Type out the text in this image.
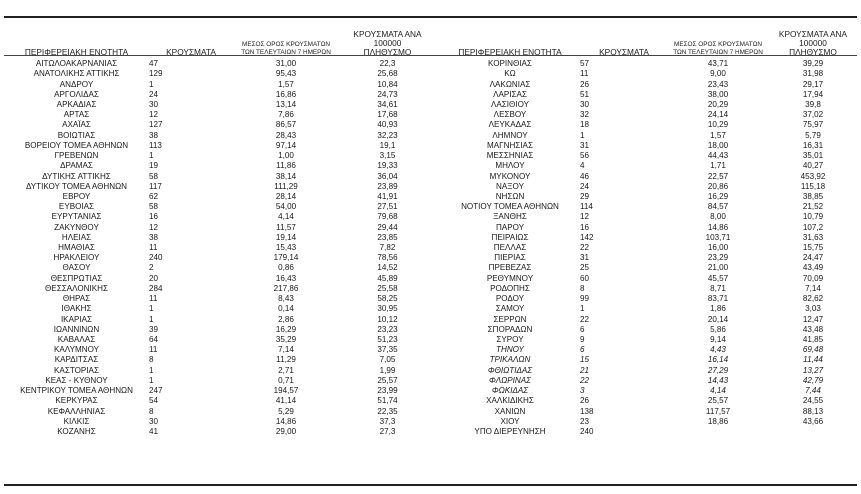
ΠΕΡΙΦΕΡΕΙΑΚΗ ΕΝΟΤΗΤΑ	ΚΡΟΥΣΜΑΤΑ	ΜΕΣΟΣ ΟΡΟΣ ΚΡΟΥΣΜΑΤΩΝ
ΤΩΝ ΤΕΛΕΥΤΑΙΩΝ 7 ΗΜΕΡΩΝ	ΚΡΟΥΣΜΑΤΑ ΑΝΑ 100000
ΠΛΗΘΥΣΜΟ

ΑΙΤΩΛΟΑΚΑΡΝΑΝΙΑΣ	47	31,00	22,3
ΑΝΑΤΟΛΙΚΗΣ ΑΤΤΙΚΗΣ	129	95,43	25,68
ΑΝΔΡΟΥ	1	1,57	10,84
ΑΡΓΟΛΙΔΑΣ	24	16,86	24,73
ΑΡΚΑΔΙΑΣ	30	13,14	34,61
ΑΡΤΑΣ	12	7,86	17,68
ΑΧΑΪΑΣ	127	86,57	40,93
ΒΟΙΩΤΙΑΣ	38	28,43	32,23
ΒΟΡΕΙΟΥ ΤΟΜΕΑ ΑΘΗΝΩΝ	113	97,14	19,1
ΓΡΕΒΕΝΩΝ	1	1,00	3,15
ΔΡΑΜΑΣ	19	11,86	19,33
ΔΥΤΙΚΗΣ ΑΤΤΙΚΗΣ	58	38,14	36,04
ΔΥΤΙΚΟΥ ΤΟΜΕΑ ΑΘΗΝΩΝ	117	111,29	23,89
ΕΒΡΟΥ	62	28,14	41,91
ΕΥΒΟΙΑΣ	58	54,00	27,51
ΕΥΡΥΤΑΝΙΑΣ	16	4,14	79,68
ΖΑΚΥΝΘΟΥ	12	11,57	29,44
ΗΛΕΙΑΣ	38	19,14	23,85
ΗΜΑΘΙΑΣ	11	15,43	7,82
ΗΡΑΚΛΕΙΟΥ	240	179,14	78,56
ΘΑΣΟΥ	2	0,86	14,52
ΘΕΣΠΡΩΤΙΑΣ	20	16,43	45,89
ΘΕΣΣΑΛΟΝΙΚΗΣ	284	217,86	25,58
ΘΗΡΑΣ	11	8,43	58,25
ΙΘΑΚΗΣ	1	0,14	30,95
ΙΚΑΡΙΑΣ	1	2,86	10,12
ΙΩΑΝΝΙΝΩΝ	39	16,29	23,23
ΚΑΒΑΛΑΣ	64	35,29	51,23
ΚΑΛΥΜΝΟΥ	11	7,14	37,35
ΚΑΡΔΙΤΣΑΣ	8	11,29	7,05
ΚΑΣΤΟΡΙΑΣ	1	2,71	1,99
ΚΕΑΣ - ΚΥΘΝΟΥ	1	0,71	25,57
ΚΕΝΤΡΙΚΟΥ ΤΟΜΕΑ ΑΘΗΝΩΝ	247	194,57	23,99
ΚΕΡΚΥΡΑΣ	54	41,14	51,74
ΚΕΦΑΛΛΗΝΙΑΣ	8	5,29	22,35
ΚΙΛΚΙΣ	30	14,86	37,3
ΚΟΖΑΝΗΣ	41	29,00	27,3
ΠΕΡΙΦΕΡΕΙΑΚΗ ΕΝΟΤΗΤΑ	ΚΡΟΥΣΜΑΤΑ	ΜΕΣΟΣ ΟΡΟΣ ΚΡΟΥΣΜΑΤΩΝ
ΤΩΝ ΤΕΛΕΥΤΑΙΩΝ 7 ΗΜΕΡΩΝ	ΚΡΟΥΣΜΑΤΑ ΑΝΑ 100000
ΠΛΗΘΥΣΜΟ

ΚΟΡΙΝΘΙΑΣ	57	43,71	39,29
ΚΩ	11	9,00	31,98
ΛΑΚΩΝΙΑΣ	26	23,43	29,17
ΛΑΡΙΣΑΣ	51	38,00	17,94
ΛΑΣΙΘΙΟΥ	30	20,29	39,8
ΛΕΣΒΟΥ	32	24,14	37,02
ΛΕΥΚΑΔΑΣ	18	10,29	75,97
ΛΗΜΝΟΥ	1	1,57	5,79
ΜΑΓΝΗΣΙΑΣ	31	18,00	16,31
ΜΕΣΣΗΝΙΑΣ	56	44,43	35,01
ΜΗΛΟΥ	4	1,71	40,27
ΜΥΚΟΝΟΥ	46	22,57	453,92
ΝΑΞΟΥ	24	20,86	115,18
ΝΗΣΩΝ	29	16,29	38,85
ΝΟΤΙΟΥ ΤΟΜΕΑ ΑΘΗΝΩΝ	114	84,57	21,52
ΞΑΝΘΗΣ	12	8,00	10,79
ΠΑΡΟΥ	16	14,86	107,2
ΠΕΙΡΑΙΩΣ	142	103,71	31,63
ΠΕΛΛΑΣ	22	16,00	15,75
ΠΙΕΡΙΑΣ	31	23,29	24,47
ΠΡΕΒΕΖΑΣ	25	21,00	43,49
ΡΕΘΥΜΝΟΥ	60	45,57	70,09
ΡΟΔΟΠΗΣ	8	8,71	7,14
ΡΟΔΟΥ	99	83,71	82,62
ΣΑΜΟΥ	1	1,86	3,03
ΣΕΡΡΩΝ	22	20,14	12,47
ΣΠΟΡΑΔΩΝ	6	5,86	43,48
ΣΥΡΟΥ	9	9,14	41,85
ΤΗΝΟΥ	6	4,43	69,48
ΤΡΙΚΑΛΩΝ	15	16,14	11,44
ΦΘΙΩΤΙΔΑΣ	21	27,29	13,27
ΦΛΩΡΙΝΑΣ	22	14,43	42,79
ΦΩΚΙΔΑΣ	3	4,14	7,44
ΧΑΛΚΙΔΙΚΗΣ	26	25,57	24,55
ΧΑΝΙΩΝ	138	117,57	88,13
ΧΙΟΥ	23	18,86	43,66
ΥΠΟ ΔΙΕΡΕΥΝΗΣΗ	240		
